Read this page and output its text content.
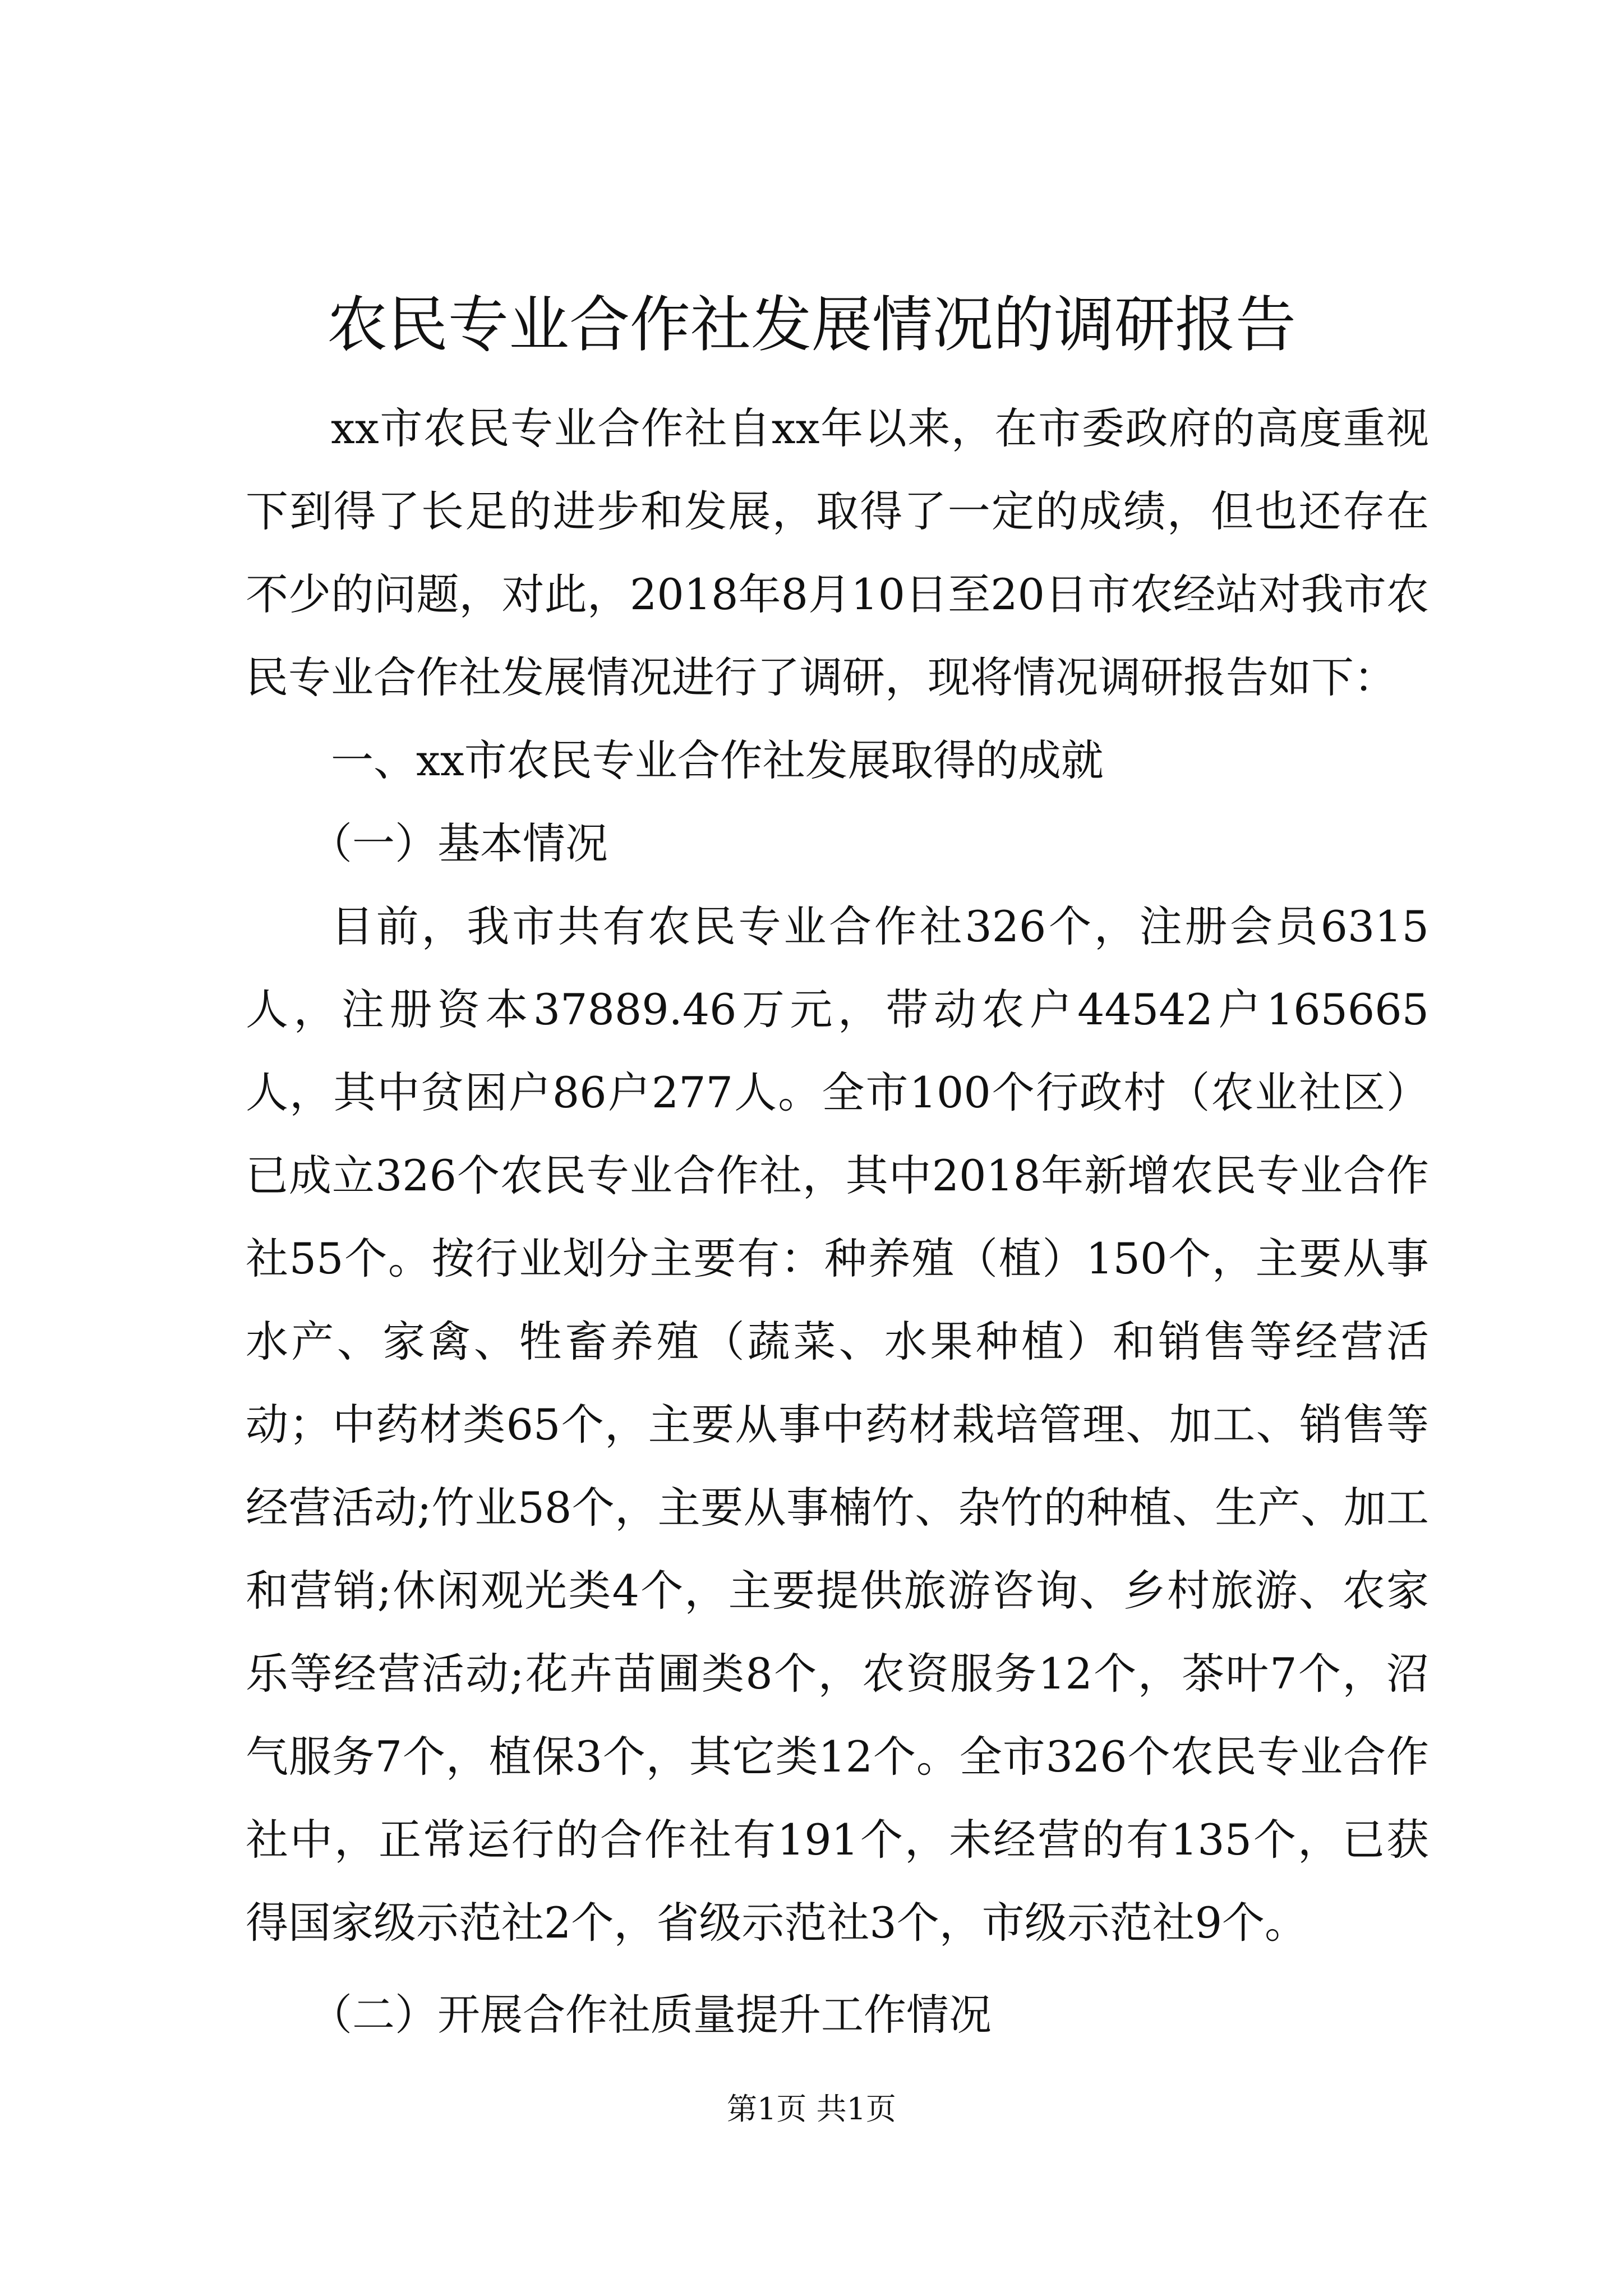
农民专业合作社发展情况的调研报告

xx市农民专业合作社自xx年以来，在市委政府的高度重视下到得了长足的进步和发展，取得了一定的成绩，但也还存在不少的问题，对此，2018年8月10日至20日市农经站对我市农民专业合作社发展情况进行了调研，现将情况调研报告如下：

一、xx市农民专业合作社发展取得的成就

（一）基本情况

目前，我市共有农民专业合作社326个，注册会员6315人，注册资本37889.46万元，带动农户44542户165665人，其中贫困户86户277人。全市100个行政村（农业社区）已成立326个农民专业合作社，其中2018年新增农民专业合作社55个。按行业划分主要有：种养殖（植）150个，主要从事水产、家禽、牲畜养殖（蔬菜、水果种植）和销售等经营活动；中药材类65个，主要从事中药材栽培管理、加工、销售等经营活动;竹业58个，主要从事楠竹、杂竹的种植、生产、加工和营销;休闲观光类4个，主要提供旅游咨询、乡村旅游、农家乐等经营活动;花卉苗圃类8个，农资服务12个，茶叶7个，沼气服务7个，植保3个，其它类12个。全市326个农民专业合作社中，正常运行的合作社有191个，未经营的有135个，已获得国家级示范社2个，省级示范社3个，市级示范社9个。

（二）开展合作社质量提升工作情况

第1页 共1页
